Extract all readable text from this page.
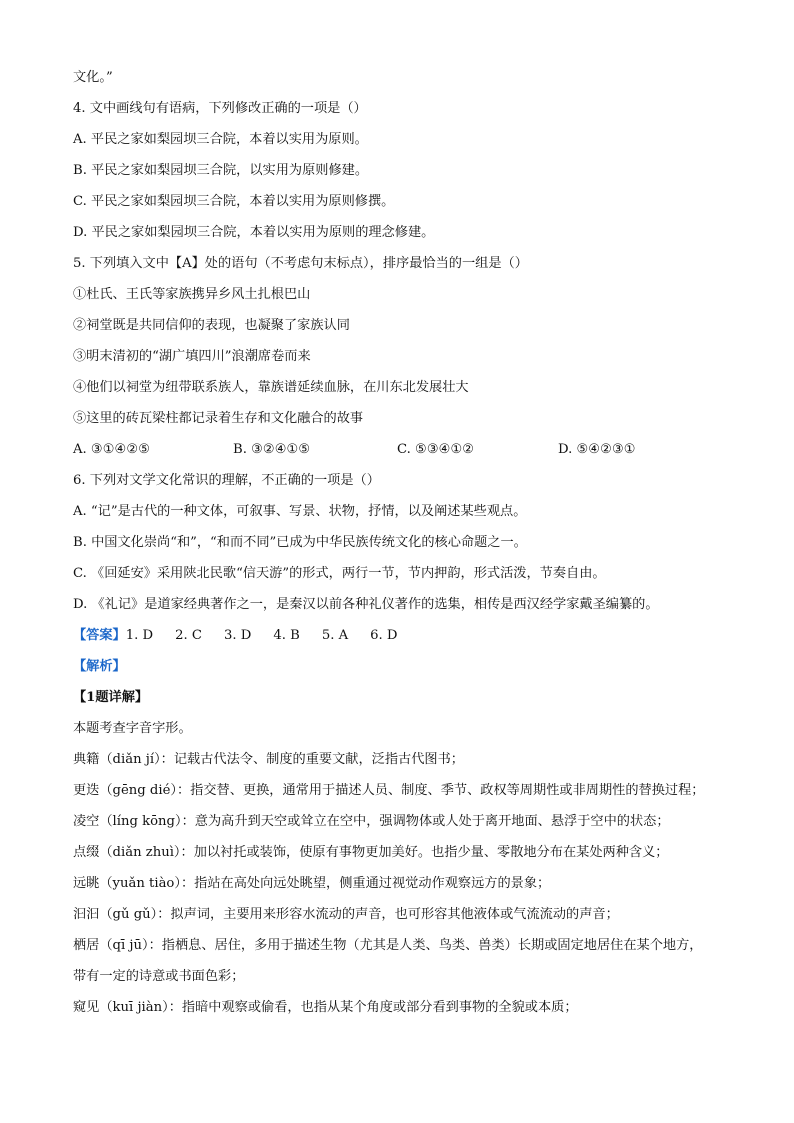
文化。”
4. 文中画线句有语病，下列修改正确的一项是（）
A. 平民之家如梨园坝三合院，本着以实用为原则。
B. 平民之家如梨园坝三合院，以实用为原则修建。
C. 平民之家如梨园坝三合院，本着以实用为原则修撰。
D. 平民之家如梨园坝三合院，本着以实用为原则的理念修建。
5. 下列填入文中【A】处的语句（不考虑句末标点），排序最恰当的一组是（）
①杜氏、王氏等家族携异乡风土扎根巴山
②祠堂既是共同信仰的表现，也凝聚了家族认同
③明末清初的“湖广填四川”浪潮席卷而来
④他们以祠堂为纽带联系族人，靠族谱延续血脉，在川东北发展壮大
⑤这里的砖瓦梁柱都记录着生存和文化融合的故事
A. ③①④②⑤	B. ③②④①⑤	C. ⑤③④①②	D. ⑤④②③①
6. 下列对文学文化常识的理解，不正确的一项是（）
A. “记”是古代的一种文体，可叙事、写景、状物，抒情，以及阐述某些观点。
B. 中国文化崇尚“和”，“和而不同”已成为中华民族传统文化的核心命题之一。
C. 《回延安》采用陕北民歌“信天游”的形式，两行一节，节内押韵，形式活泼，节奏自由。
D. 《礼记》是道家经典著作之一，是秦汉以前各种礼仪著作的选集，相传是西汉经学家戴圣编纂的。
【答案】1. D 2. C 3. D 4. B 5. A 6. D
【解析】
【1题详解】
本题考查字音字形。
典籍（diǎn jí）：记载古代法令、制度的重要文献，泛指古代图书；
更迭（gēng dié）：指交替、更换，通常用于描述人员、制度、季节、政权等周期性或非周期性的替换过程；
凌空（líng kōng）：意为高升到天空或耸立在空中，强调物体或人处于离开地面、悬浮于空中的状态；
点缀（diǎn zhuì）：加以衬托或装饰，使原有事物更加美好。也指少量、零散地分布在某处两种含义；
远眺（yuǎn tiào）：指站在高处向远处眺望，侧重通过视觉动作观察远方的景象；
汩汩（gǔ gǔ）：拟声词，主要用来形容水流动的声音，也可形容其他液体或气流流动的声音；
栖居（qī jū）：指栖息、居住，多用于描述生物（尤其是人类、鸟类、兽类）长期或固定地居住在某个地方，
带有一定的诗意或书面色彩；
窥见（kuī jiàn）：指暗中观察或偷看，也指从某个角度或部分看到事物的全貌或本质；
